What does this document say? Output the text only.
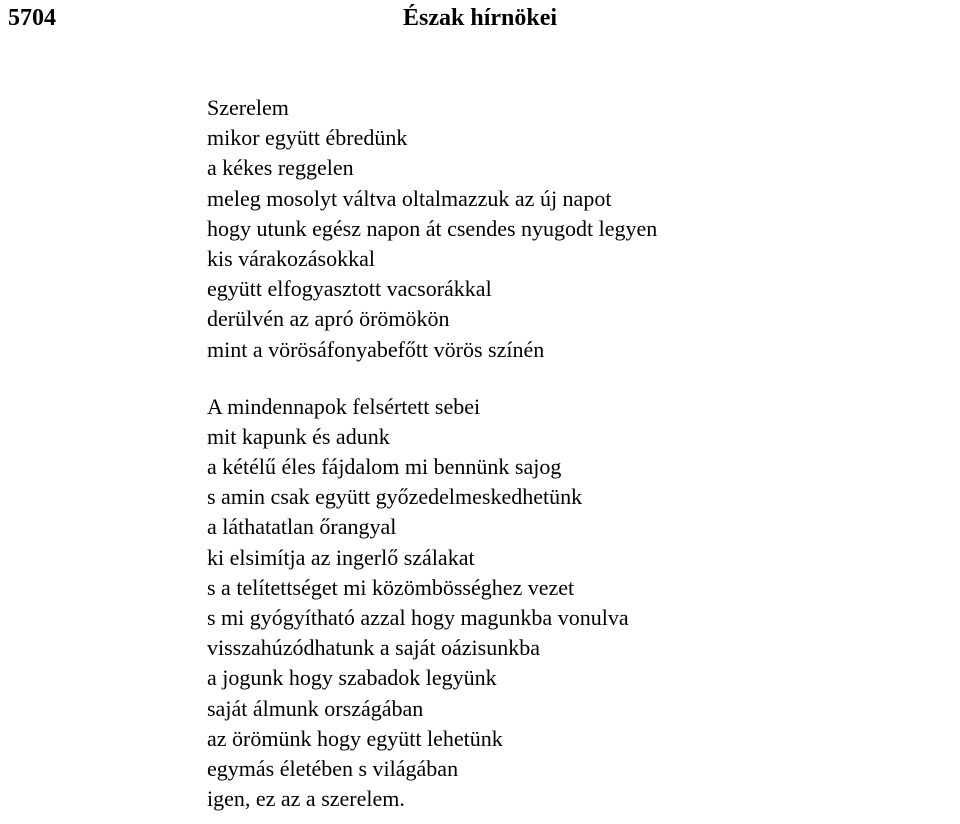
5704	Észak hírnökei
Szerelem
mikor együtt ébredünk
a kékes reggelen
meleg mosolyt váltva oltalmazzuk az új napot
hogy utunk egész napon át csendes nyugodt legyen
kis várakozásokkal
együtt elfogyasztott vacsorákkal
derülvén az apró örömökön
mint a vörösáfonyabefőtt vörös színén
A mindennapok felsértett sebei
mit kapunk és adunk
a kétélű éles fájdalom mi bennünk sajog
s amin csak együtt győzedelmeskedhetünk
a láthatatlan őrangyal
ki elsimítja az ingerlő szálakat
s a telítettséget mi közömbösséghez vezet
s mi gyógyítható azzal hogy magunkba vonulva
visszahúzódhatunk a saját oázisunkba
a jogunk hogy szabadok legyünk
saját álmunk országában
az örömünk hogy együtt lehetünk
egymás életében s világában
igen, ez az a szerelem.
